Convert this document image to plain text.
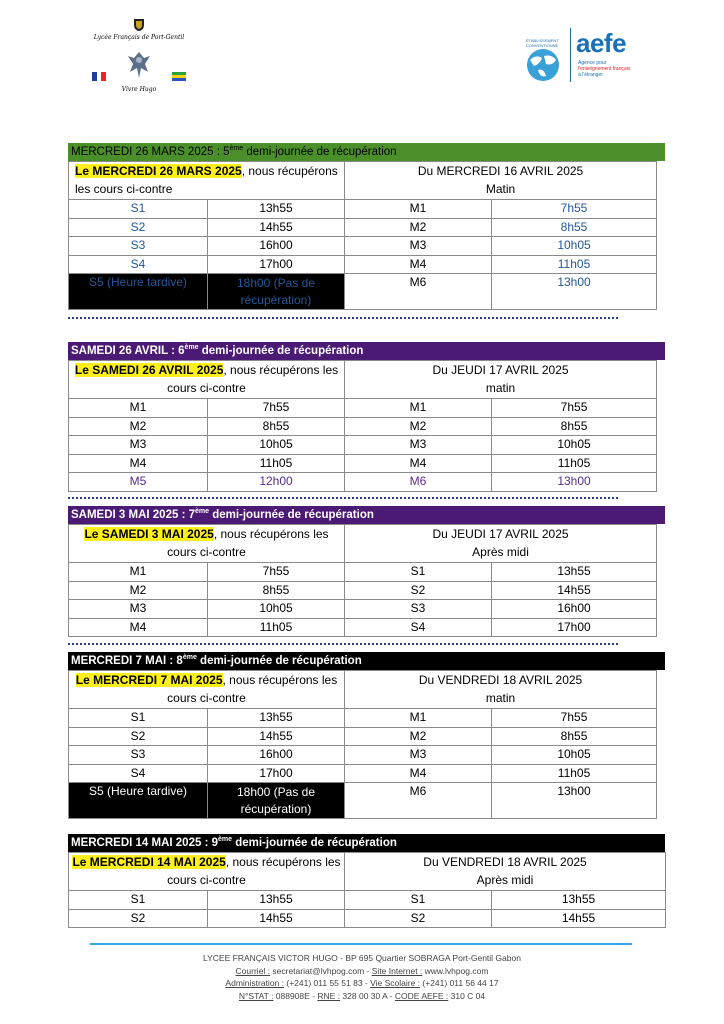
Lycée Français de Port-Gentil
Vivre Hugo
ÉTABLISSEMENT CONVENTIONNÉ aefe
Agence pour
l'enseignement français
à l'étranger
MERCREDI 26 MARS 2025 : 5ème demi-journée de récupération
Le MERCREDI 26 MARS 2025, nous récupérons les cours ci-contre		Du MERCREDI 16 AVRIL 2025
Matin	

S1	13h55	M1	7h55
S2	14h55	M2	8h55
S3	16h00	M3	10h05
S4	17h00	M4	11h05
S5 (Heure tardive)	18h00 (Pas de récupération)	M6	13h00
SAMEDI 26 AVRIL : 6ème demi-journée de récupération
Le SAMEDI 26 AVRIL 2025, nous récupérons les cours ci-contre		Du JEUDI 17 AVRIL 2025
matin	

M1	7h55	M1	7h55
M2	8h55	M2	8h55
M3	10h05	M3	10h05
M4	11h05	M4	11h05
M5	12h00	M6	13h00
SAMEDI 3 MAI 2025 : 7ème demi-journée de récupération
Le SAMEDI 3 MAI 2025, nous récupérons les cours ci-contre		Du JEUDI 17 AVRIL 2025
Après midi	

M1	7h55	S1	13h55
M2	8h55	S2	14h55
M3	10h05	S3	16h00
M4	11h05	S4	17h00
MERCREDI 7 MAI : 8ème demi-journée de récupération
Le MERCREDI 7 MAI 2025, nous récupérons les cours ci-contre		Du VENDREDI 18 AVRIL 2025
matin	

S1	13h55	M1	7h55
S2	14h55	M2	8h55
S3	16h00	M3	10h05
S4	17h00	M4	11h05
S5 (Heure tardive)	18h00 (Pas de récupération)	M6	13h00
MERCREDI 14 MAI 2025 : 9ème demi-journée de récupération
Le MERCREDI 14 MAI 2025, nous récupérons les cours ci-contre		Du VENDREDI 18 AVRIL 2025
Après midi	

S1	13h55	S1	13h55
S2	14h55	S2	14h55
LYCEE FRANÇAIS VICTOR HUGO - BP 695 Quartier SOBRAGA Port-Gentil Gabon
Courriel : secretariat@lvhpog.com - Site Internet : www.lvhpog.com
Administration : (+241) 011 55 51 83 - Vie Scolaire : (+241) 011 56 44 17
N°STAT : 088908E - RNE : 328 00 30 A - CODE AEFE : 310 C 04
